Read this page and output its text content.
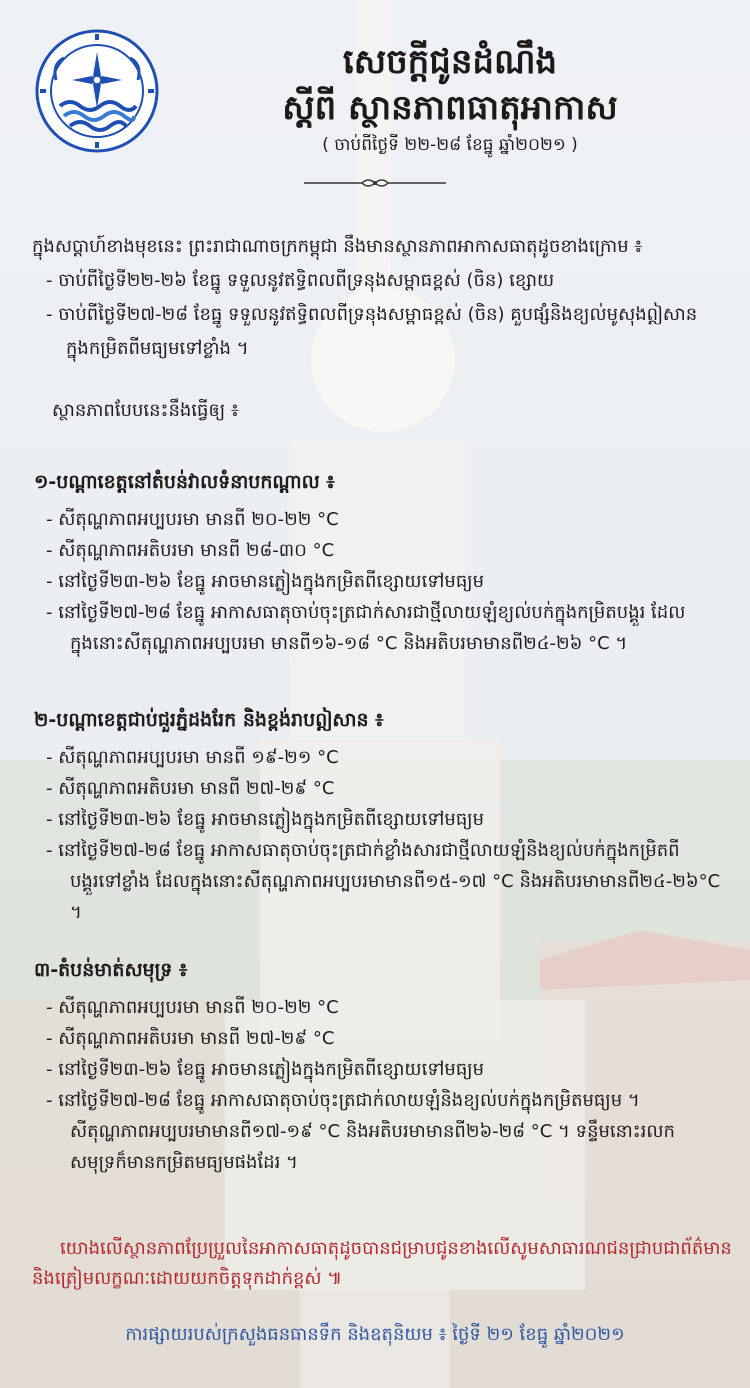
សេចក្តីជូនដំណឹង
ស្តីពី ស្ថានភាពធាតុអាកាស
( ចាប់ពីថ្ងៃទី ២២-២៨ ខែធ្នូ ឆ្នាំ២០២១ )
ក្នុងសប្តាហ៍ខាងមុខនេះ ព្រះរាជាណាចក្រកម្ពុជា នឹងមានស្ថានភាពអាកាសធាតុដូចខាងក្រោម ៖
- ចាប់ពីថ្ងៃទី២២-២៦ ខែធ្នូ ទទួលនូវឥទ្ធិពលពីទ្រនុងសម្ពាធខ្ពស់ (ចិន) ខ្សោយ
- ចាប់ពីថ្ងៃទី២៧-២៨ ខែធ្នូ ទទួលនូវឥទ្ធិពលពីទ្រនុងសម្ពាធខ្ពស់ (ចិន) គួបផ្សំនិងខ្យល់មូសុងឦសាន
ក្នុងកម្រិតពីមធ្យមទៅខ្លាំង ។
ស្ថានភាពបែបនេះនឹងធ្វើឲ្យ ៖
១-បណ្តាខេត្តនៅតំបន់វាលទំនាបកណ្តាល ៖
- សីតុណ្ហភាពអប្បបរមា មានពី ២០-២២ °C
- សីតុណ្ហភាពអតិបរមា មានពី ២៨-៣០ °C
- នៅថ្ងៃទី២៣-២៦ ខែធ្នូ អាចមានភ្លៀងក្នុងកម្រិតពីខ្សោយទៅមធ្យម
- នៅថ្ងៃទី២៧-២៨ ខែធ្នូ អាកាសធាតុចាប់ចុះត្រជាក់សារជាថ្មីលាយឡំខ្យល់បក់ក្នុងកម្រិតបង្គួរ ដែល
ក្នុងនោះសីតុណ្ហភាពអប្បបរមា មានពី១៦-១៨ °C និងអតិបរមាមានពី២៤-២៦ °C ។
២-បណ្តាខេត្តជាប់ជួរភ្នំដងរែក និងខ្ពង់រាបឦសាន ៖
- សីតុណ្ហភាពអប្បបរមា មានពី ១៩-២១ °C
- សីតុណ្ហភាពអតិបរមា មានពី ២៧-២៩ °C
- នៅថ្ងៃទី២៣-២៦ ខែធ្នូ អាចមានភ្លៀងក្នុងកម្រិតពីខ្សោយទៅមធ្យម
- នៅថ្ងៃទី២៧-២៨ ខែធ្នូ អាកាសធាតុចាប់ចុះត្រជាក់ខ្លាំងសារជាថ្មីលាយឡំនិងខ្យល់បក់ក្នុងកម្រិតពី
បង្គួរទៅខ្លាំង ដែលក្នុងនោះសីតុណ្ហភាពអប្បបរមាមានពី១៥-១៧ °C និងអតិបរមាមានពី២៤-២៦°C ។
៣-តំបន់មាត់សមុទ្រ ៖
- សីតុណ្ហភាពអប្បបរមា មានពី ២០-២២ °C
- សីតុណ្ហភាពអតិបរមា មានពី ២៧-២៩ °C
- នៅថ្ងៃទី២៣-២៦ ខែធ្នូ អាចមានភ្លៀងក្នុងកម្រិតពីខ្សោយទៅមធ្យម
- នៅថ្ងៃទី២៧-២៨ ខែធ្នូ អាកាសធាតុចាប់ចុះត្រជាក់លាយឡំនិងខ្យល់បក់ក្នុងកម្រិតមធ្យម ។
សីតុណ្ហភាពអប្បបរមាមានពី១៧-១៩ °C និងអតិបរមាមានពី២៦-២៨ °C ។ ទន្ទឹមនោះរលក
សមុទ្រក៏មានកម្រិតមធ្យមផងដែរ ។
យោងលើស្ថានភាពប្រែប្រួលនៃអាកាសធាតុដូចបានជម្រាបជូនខាងលើសូមសាធារណជនជ្រាបជាព័ត៌មាន
និងត្រៀមលក្ខណៈដោយយកចិត្តទុកដាក់ខ្ពស់ ៕
ការផ្សាយរបស់ក្រសួងធនធានទឹក និងឧតុនិយម ៖ ថ្ងៃទី ២១ ខែធ្នូ ឆ្នាំ២០២១
